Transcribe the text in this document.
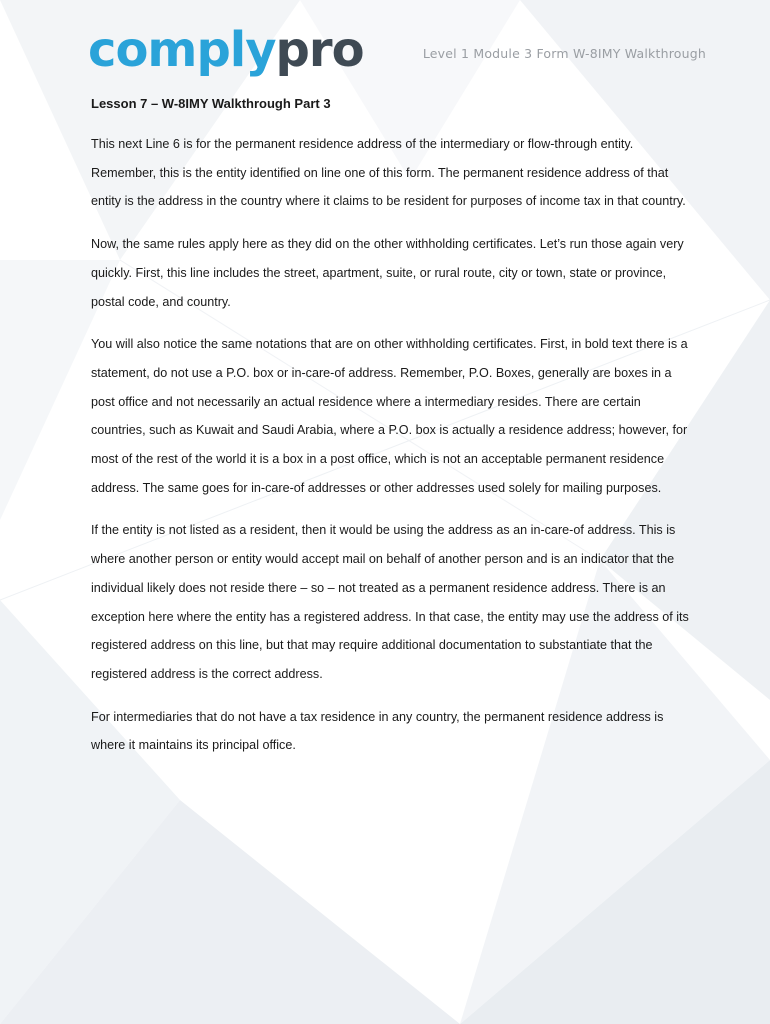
complypro	Level 1 Module 3 Form W-8IMY Walkthrough
Lesson 7 – W-8IMY Walkthrough Part 3

This next Line 6 is for the permanent residence address of the intermediary or flow-through entity. Remember, this is the entity identified on line one of this form. The permanent residence address of that entity is the address in the country where it claims to be resident for purposes of income tax in that country.

Now, the same rules apply here as they did on the other withholding certificates. Let’s run those again very quickly. First, this line includes the street, apartment, suite, or rural route, city or town, state or province, postal code, and country.

You will also notice the same notations that are on other withholding certificates. First, in bold text there is a statement, do not use a P.O. box or in-care-of address. Remember, P.O. Boxes, generally are boxes in a post office and not necessarily an actual residence where a intermediary resides. There are certain countries, such as Kuwait and Saudi Arabia, where a P.O. box is actually a residence address; however, for most of the rest of the world it is a box in a post office, which is not an acceptable permanent residence address. The same goes for in-care-of addresses or other addresses used solely for mailing purposes.

If the entity is not listed as a resident, then it would be using the address as an in-care-of address. This is where another person or entity would accept mail on behalf of another person and is an indicator that the individual likely does not reside there – so – not treated as a permanent residence address. There is an exception here where the entity has a registered address. In that case, the entity may use the address of its registered address on this line, but that may require additional documentation to substantiate that the registered address is the correct address.

For intermediaries that do not have a tax residence in any country, the permanent residence address is where it maintains its principal office.
